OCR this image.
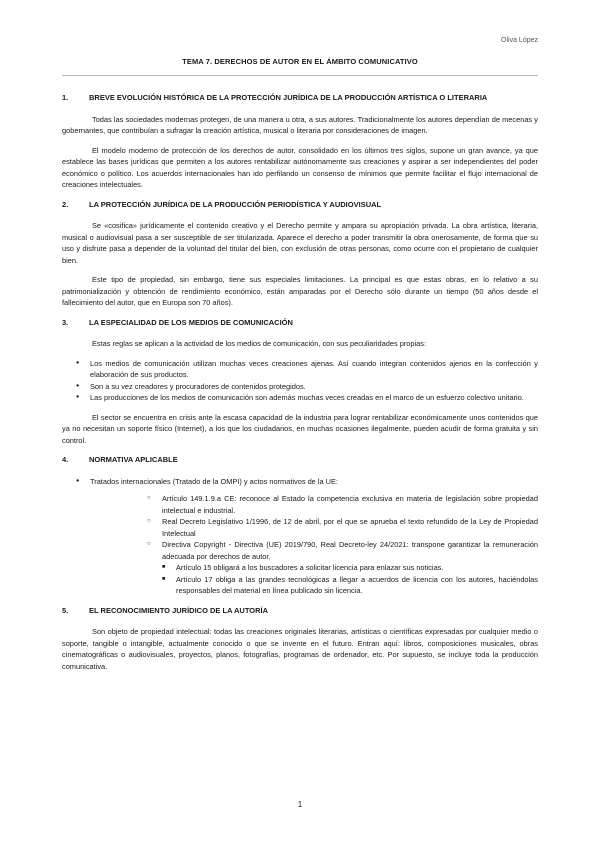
Oliva López
TEMA 7. DERECHOS DE AUTOR EN EL ÁMBITO COMUNICATIVO
1.	BREVE EVOLUCIÓN HISTÓRICA DE LA PROTECCIÓN JURÍDICA DE LA PRODUCCIÓN ARTÍSTICA O LITERARIA

Todas las sociedades modernas protegen, de una manera u otra, a sus autores. Tradicionalmente los autores dependían de mecenas y gobernantes, que contribuían a sufragar la creación artística, musical o literaria por consideraciones de imagen.

El modelo moderno de protección de los derechos de autor, consolidado en los últimos tres siglos, supone un gran avance, ya que establece las bases jurídicas que permiten a los autores rentabilizar autónomamente sus creaciones y aspirar a ser independientes del poder económico o político. Los acuerdos internacionales han ido perfilando un consenso de mínimos que permite facilitar el flujo internacional de creaciones intelectuales.

2.	LA PROTECCIÓN JURÍDICA DE LA PRODUCCIÓN PERIODÍSTICA Y AUDIOVISUAL

Se «cosifica» jurídicamente el contenido creativo y el Derecho permite y ampara su apropiación privada. La obra artística, literaria, musical o audiovisual pasa a ser susceptible de ser titularizada. Aparece el derecho a poder transmitir la obra onerosamente, de forma que su uso y disfrute pasa a depender de la voluntad del titular del bien, con exclusión de otras personas, como ocurre con el propietario de cualquier bien.

Este tipo de propiedad, sin embargo, tiene sus especiales limitaciones. La principal es que estas obras, en lo relativo a su patrimonialización y obtención de rendimiento económico, están amparadas por el Derecho sólo durante un tiempo (50 años desde el fallecimiento del autor, que en Europa son 70 años).

3.	LA ESPECIALIDAD DE LOS MEDIOS DE COMUNICACIÓN

Estas reglas se aplican a la actividad de los medios de comunicación, con sus peculiaridades propias:

● Los medios de comunicación utilizan muchas veces creaciones ajenas. Así cuando integran contenidos ajenos en la confección y elaboración de sus productos.
● Son a su vez creadores y procuradores de contenidos protegidos.
● Las producciones de los medios de comunicación son además muchas veces creadas en el marco de un esfuerzo colectivo unitario.

El sector se encuentra en crisis ante la escasa capacidad de la industria para lograr rentabilizar económicamente unos contenidos que ya no necesitan un soporte físico (Internet), a los que los ciudadanos, en muchas ocasiones ilegalmente, pueden acudir de forma gratuita y sin control.

4.	NORMATIVA APLICABLE
● Tratados internacionales (Tratado de la OMPI) y actos normativos de la UE:
○ Artículo 149.1.9.a CE: reconoce al Estado la competencia exclusiva en materia de legislación sobre propiedad intelectual e industrial.
○ Real Decreto Legislativo 1/1996, de 12 de abril, por el que se aprueba el texto refundido de la Ley de Propiedad Intelectual
○ Directiva Copyright - Directiva (UE) 2019/790, Real Decreto-ley 24/2021: transpone garantizar la remuneración adecuada por derechos de autor.
■ Artículo 15 obligará a los buscadores a solicitar licencia para enlazar sus noticias.
■ Artículo 17 obliga a las grandes tecnológicas a llegar a acuerdos de licencia con los autores, haciéndolas responsables del material en línea publicado sin licencia.
5.	EL RECONOCIMIENTO JURÍDICO DE LA AUTORÍA

Son objeto de propiedad intelectual: todas las creaciones originales literarias, artísticas o científicas expresadas por cualquier medio o soporte, tangible o intangible, actualmente conocido o que se invente en el futuro. Entran aquí: libros, composiciones musicales, obras cinematográficas o audiovisuales, proyectos, planos, fotografías, programas de ordenador, etc. Por supuesto, se incluye toda la producción comunicativa.

1
